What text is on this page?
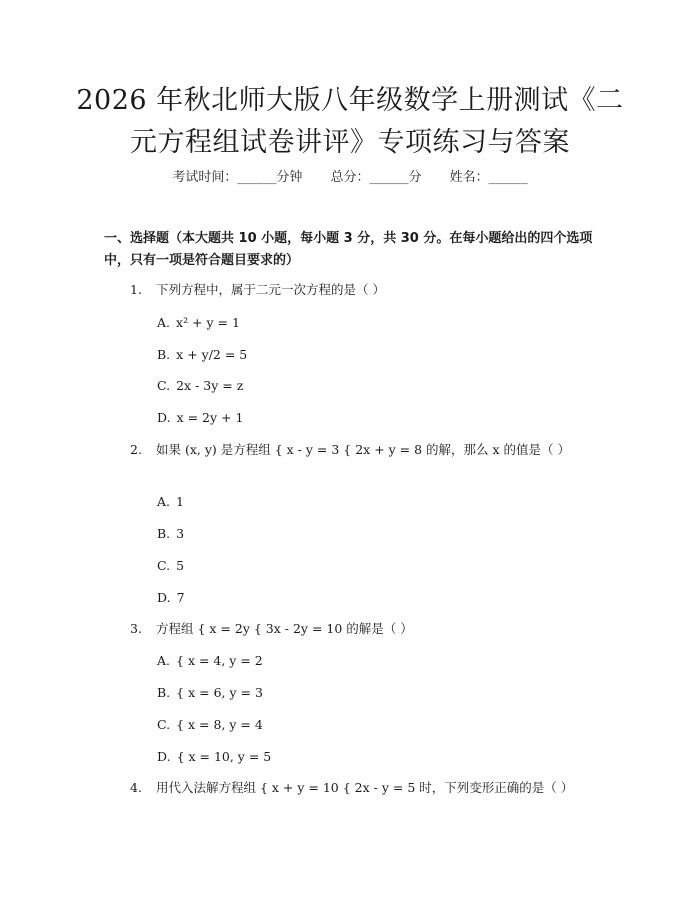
2026 年秋北师大版八年级数学上册测试《二
元方程组试卷讲评》专项练习与答案
考试时间：______分钟 总分：______分 姓名：______
一、选择题（本大题共 10 小题，每小题 3 分，共 30 分。在每小题给出的四个选项中，只有一项是符合题目要求的）
1. 下列方程中，属于二元一次方程的是（ ）
A. x² + y = 1
B. x + y/2 = 5
C. 2x - 3y = z
D. x = 2y + 1
2. 如果 (x, y) 是方程组 { x - y = 3 { 2x + y = 8 的解，那么 x 的值是（ ）
A. 1
B. 3
C. 5
D. 7
3. 方程组 { x = 2y { 3x - 2y = 10 的解是（ ）
A. { x = 4, y = 2
B. { x = 6, y = 3
C. { x = 8, y = 4
D. { x = 10, y = 5
4. 用代入法解方程组 { x + y = 10 { 2x - y = 5 时，下列变形正确的是（ ）
